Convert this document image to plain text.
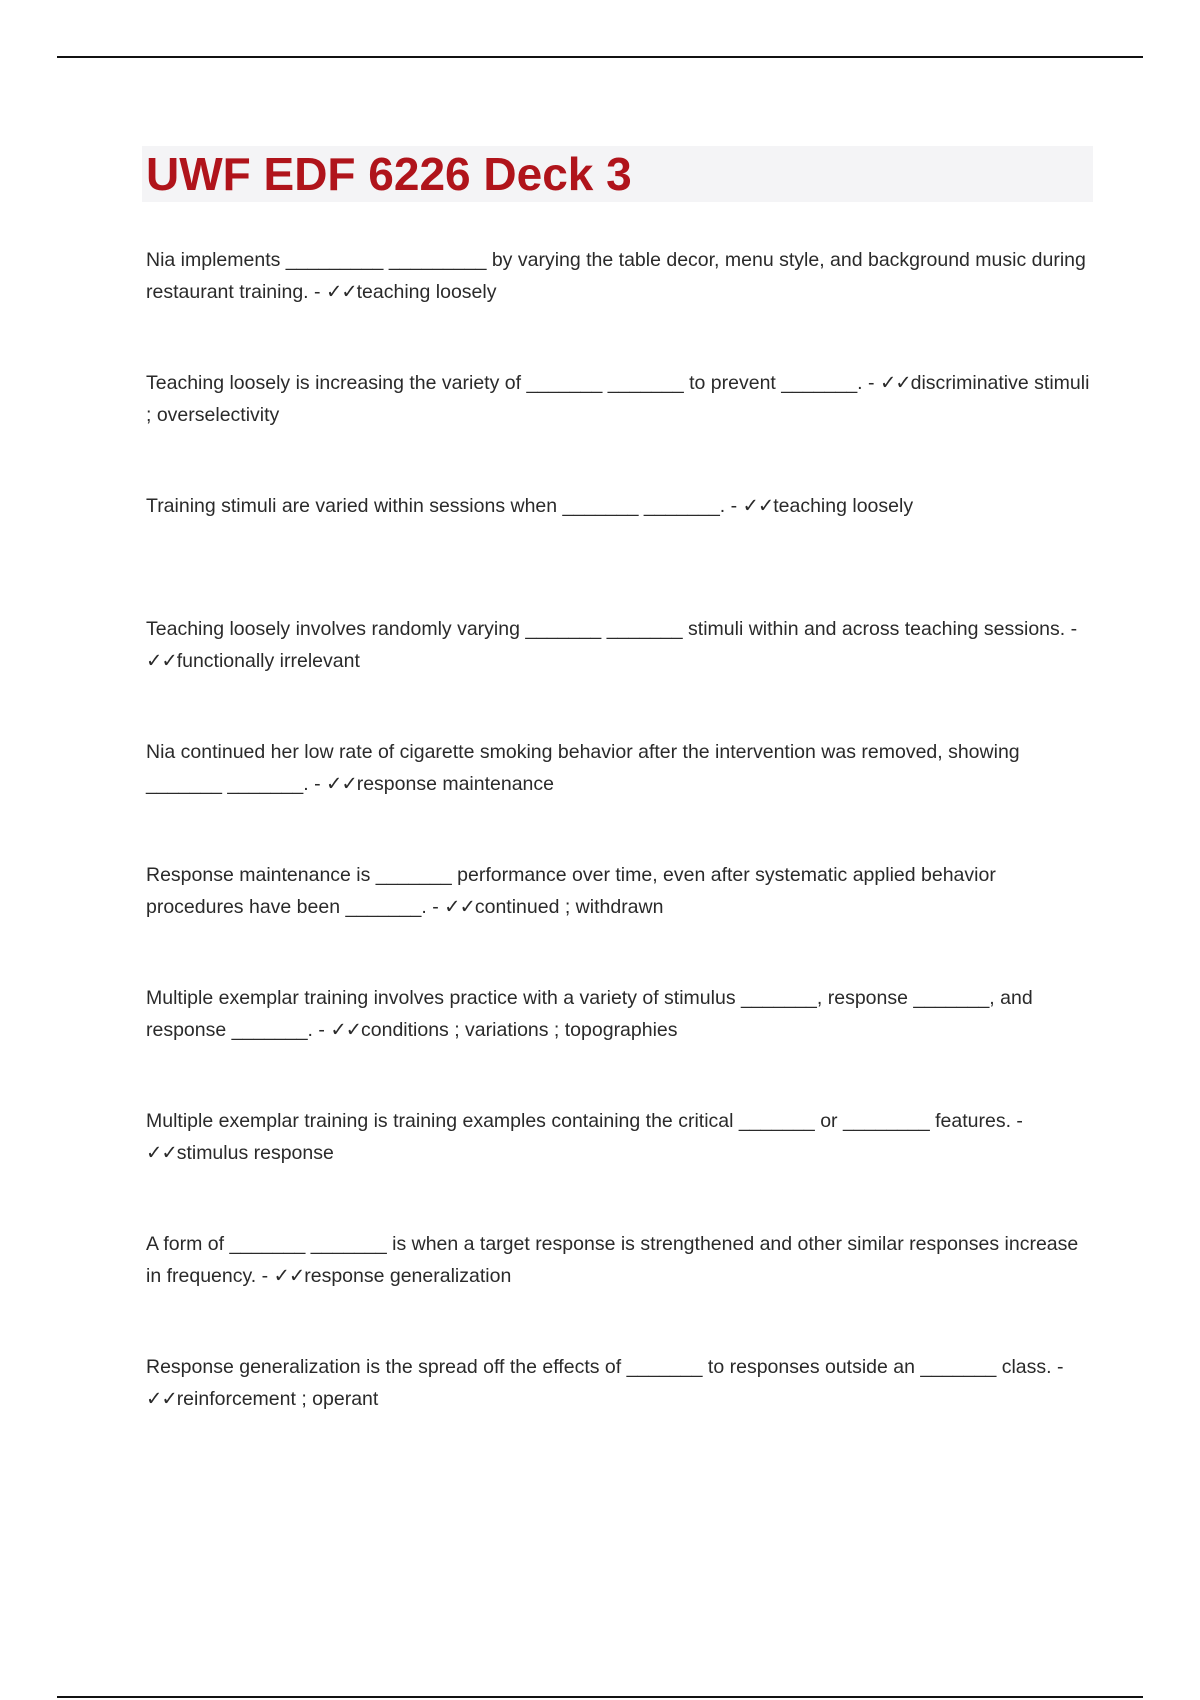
UWF EDF 6226 Deck 3
Nia implements _________ _________ by varying the table decor, menu style, and background music during restaurant training. - ✓✓teaching loosely
Teaching loosely is increasing the variety of _______ _______ to prevent _______. - ✓✓discriminative stimuli ; overselectivity
Training stimuli are varied within sessions when _______ _______. - ✓✓teaching loosely
Teaching loosely involves randomly varying _______ _______ stimuli within and across teaching sessions. - ✓✓functionally irrelevant
Nia continued her low rate of cigarette smoking behavior after the intervention was removed, showing _______ _______. - ✓✓response maintenance
Response maintenance is _______ performance over time, even after systematic applied behavior procedures have been _______. - ✓✓continued ; withdrawn
Multiple exemplar training involves practice with a variety of stimulus _______, response _______, and response _______. - ✓✓conditions ; variations ; topographies
Multiple exemplar training is training examples containing the critical _______ or ________ features. - ✓✓stimulus response
A form of _______ _______ is when a target response is strengthened and other similar responses increase in frequency. - ✓✓response generalization
Response generalization is the spread off the effects of _______ to responses outside an _______ class. - ✓✓reinforcement ; operant
